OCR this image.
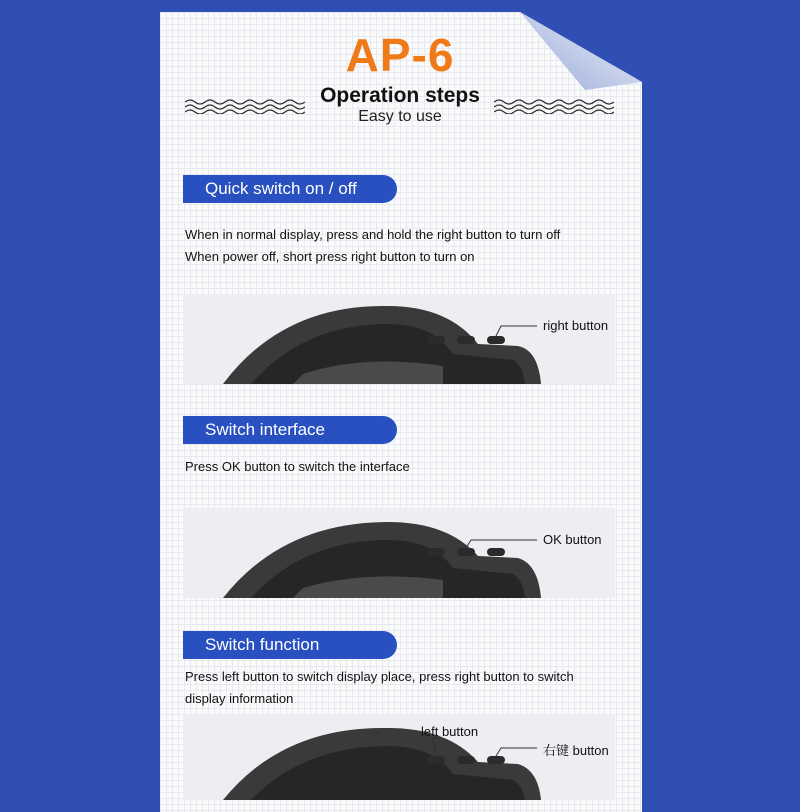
AP-6
Operation steps
Easy to use
Quick switch on / off
When in normal display, press and hold the right button to turn off
When power off, short press right button to turn on
right button
Switch interface
Press OK button to switch the interface
OK button
Switch function
Press left button to switch display place, press right button to switch
display information
left button
右键 button
